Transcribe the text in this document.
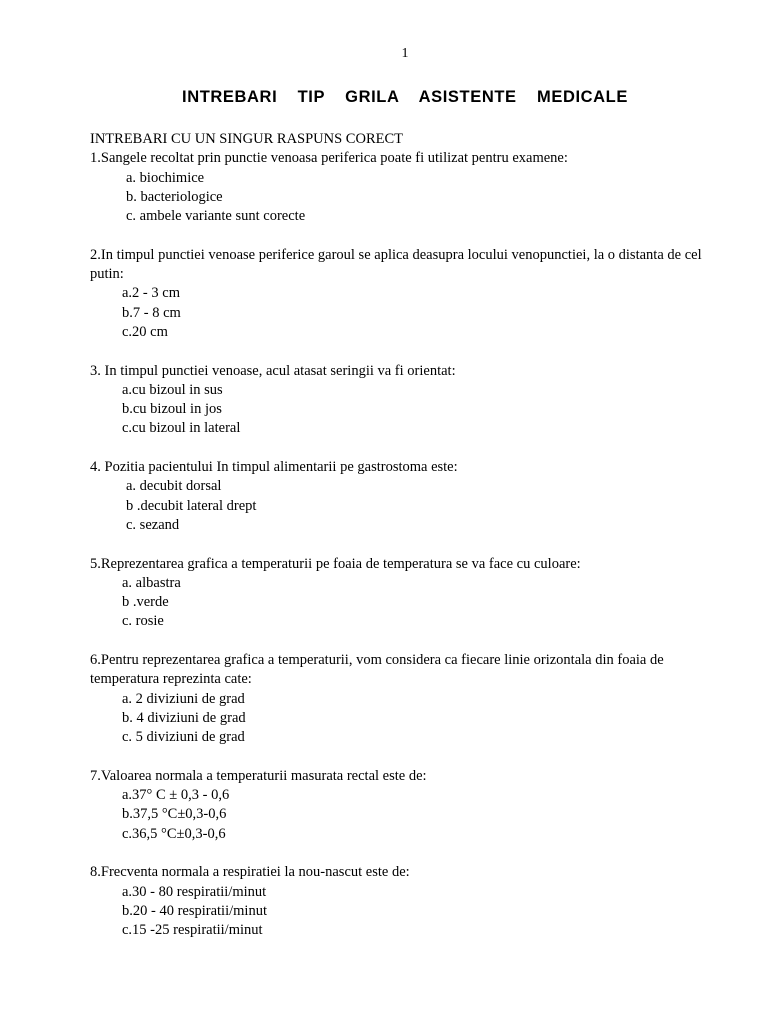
1
INTREBARI  TIP  GRILA  ASISTENTE  MEDICALE

INTREBARI CU UN SINGUR RASPUNS CORECT

1.Sangele recoltat prin punctie venoasa periferica poate fi utilizat pentru examene:

a. biochimice

b. bacteriologice

c. ambele variante sunt corecte

2.In timpul punctiei venoase periferice garoul se aplica deasupra locului venopunctiei, la o distanta de cel putin:

a.2 - 3 cm

b.7 - 8 cm

c.20 cm

3. In timpul punctiei venoase, acul atasat seringii va fi orientat:

a.cu bizoul in sus

b.cu bizoul in jos

c.cu bizoul in lateral

4. Pozitia pacientului In timpul alimentarii pe gastrostoma este:

a. decubit dorsal

b .decubit lateral drept

c. sezand

5.Reprezentarea grafica a temperaturii pe foaia de temperatura se va face cu culoare:

a. albastra

b .verde

c. rosie

6.Pentru reprezentarea grafica a temperaturii, vom considera ca fiecare linie orizontala din foaia de temperatura reprezinta cate:

a. 2 diviziuni de grad

b. 4 diviziuni de grad

c. 5 diviziuni de grad

7.Valoarea normala a temperaturii masurata rectal este de:

a.37° C ± 0,3 - 0,6

b.37,5 °C±0,3-0,6

c.36,5 °C±0,3-0,6

8.Frecventa normala a respiratiei la nou-nascut este de:

a.30 - 80 respiratii/minut

b.20 - 40 respiratii/minut

c.15 -25 respiratii/minut
